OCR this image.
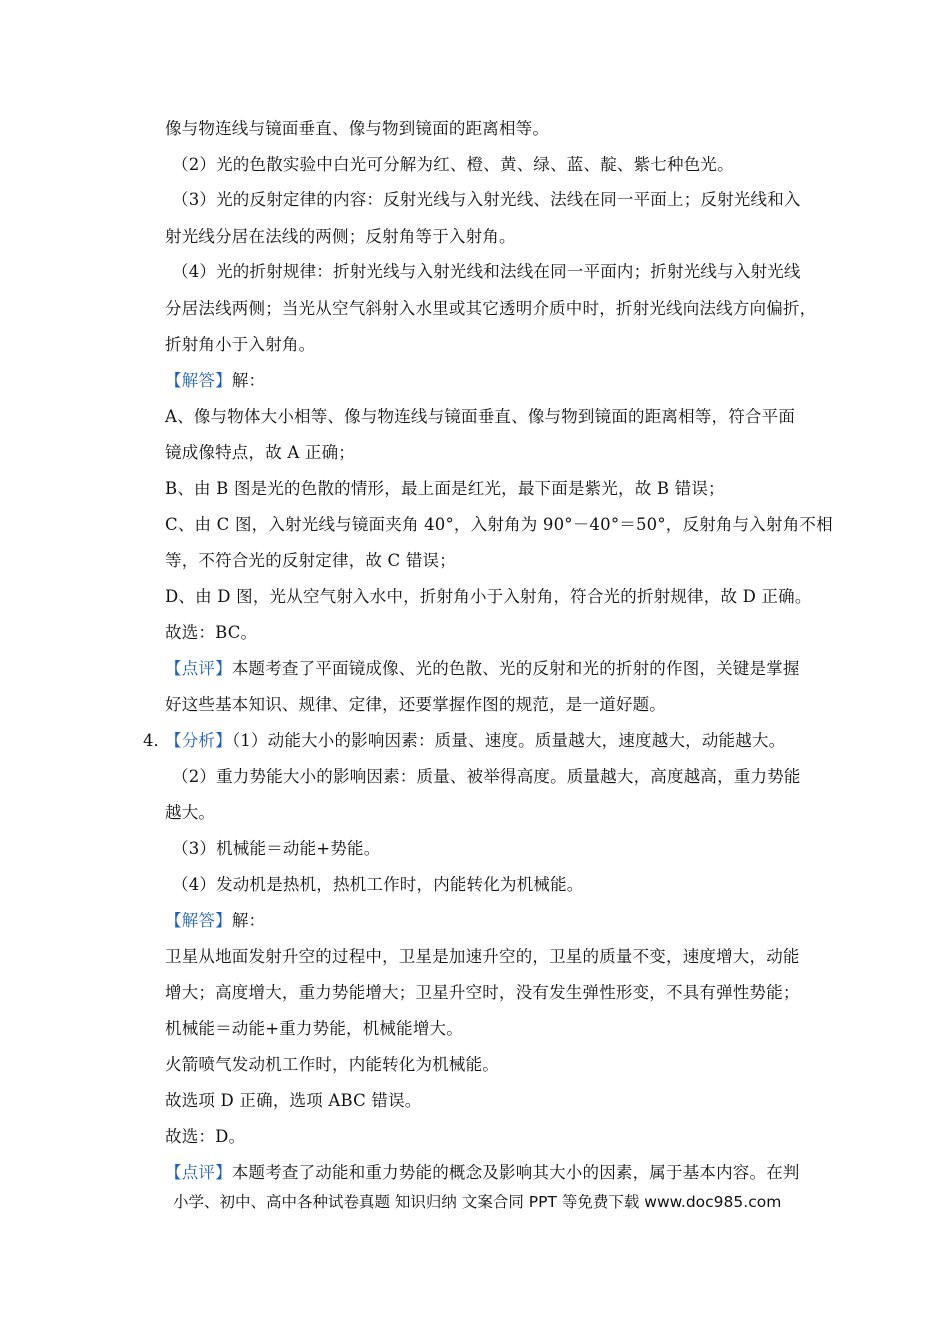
像与物连线与镜面垂直、像与物到镜面的距离相等。
（2）光的色散实验中白光可分解为红、橙、黄、绿、蓝、靛、紫七种色光。
（3）光的反射定律的内容：反射光线与入射光线、法线在同一平面上；反射光线和入
射光线分居在法线的两侧；反射角等于入射角。
（4）光的折射规律：折射光线与入射光线和法线在同一平面内；折射光线与入射光线
分居法线两侧；当光从空气斜射入水里或其它透明介质中时，折射光线向法线方向偏折，
折射角小于入射角。
【解答】解：
A、像与物体大小相等、像与物连线与镜面垂直、像与物到镜面的距离相等，符合平面
镜成像特点，故 A 正确；
B、由 B 图是光的色散的情形，最上面是红光，最下面是紫光，故 B 错误；
C、由 C 图，入射光线与镜面夹角 40°，入射角为 90°－40°＝50°，反射角与入射角不相
等，不符合光的反射定律，故 C 错误；
D、由 D 图，光从空气射入水中，折射角小于入射角，符合光的折射规律，故 D 正确。
故选：BC。
【点评】本题考查了平面镜成像、光的色散、光的反射和光的折射的作图，关键是掌握
好这些基本知识、规律、定律，还要掌握作图的规范，是一道好题。
4．
【分析】（1）动能大小的影响因素：质量、速度。质量越大，速度越大，动能越大。
（2）重力势能大小的影响因素：质量、被举得高度。质量越大，高度越高，重力势能
越大。
（3）机械能＝动能+势能。
（4）发动机是热机，热机工作时，内能转化为机械能。
【解答】解：
卫星从地面发射升空的过程中，卫星是加速升空的，卫星的质量不变，速度增大，动能
增大；高度增大，重力势能增大；卫星升空时，没有发生弹性形变，不具有弹性势能；
机械能＝动能+重力势能，机械能增大。
火箭喷气发动机工作时，内能转化为机械能。
故选项 D 正确，选项 ABC 错误。
故选：D。
【点评】本题考查了动能和重力势能的概念及影响其大小的因素，属于基本内容。在判
小学、初中、高中各种试卷真题 知识归纳 文案合同 PPT 等免费下载 www.doc985.com
